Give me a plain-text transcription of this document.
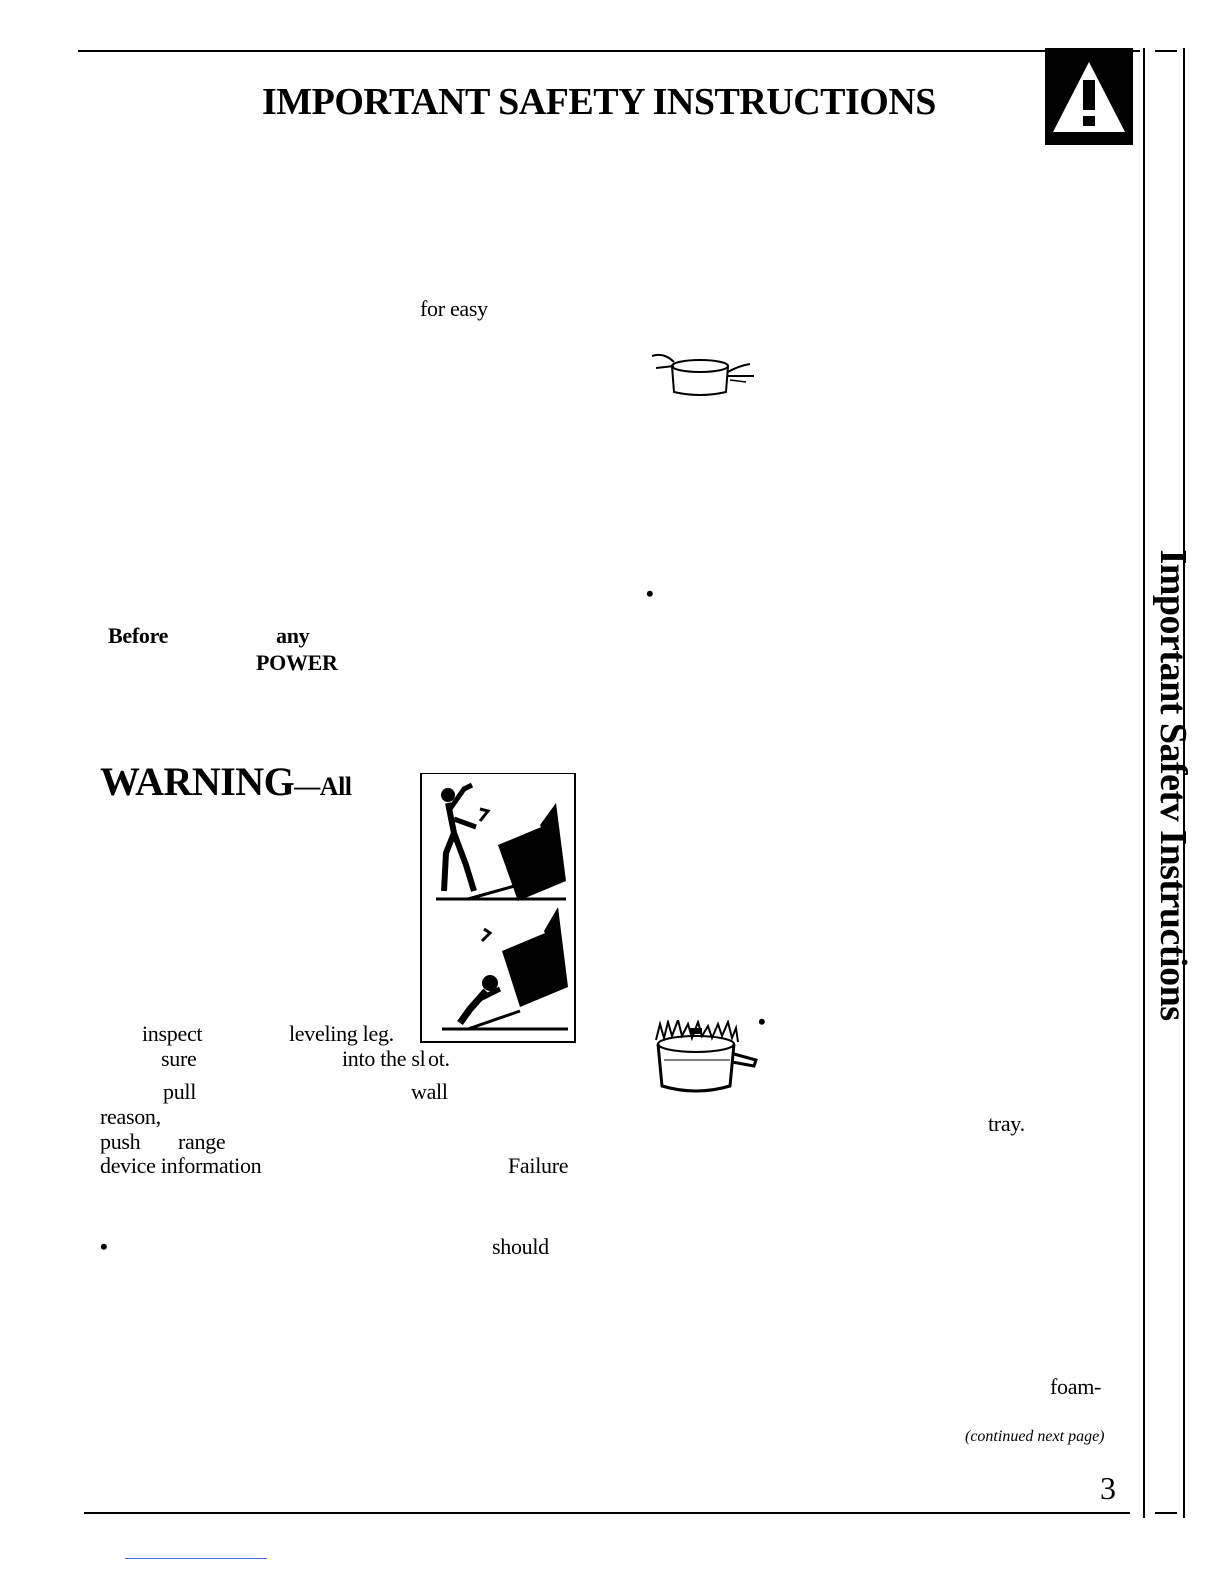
IMPORTANT SAFETY INSTRUCTIONS
Important Safetv Instructions
for easy
Before	any
POWER
WARNING—All
inspect	leveling leg.
sure	into the sl ot.
pull	wall
reason,
push range
device information	Failure
•	should
•
•
tray.
foam-
(continued next page)
3
